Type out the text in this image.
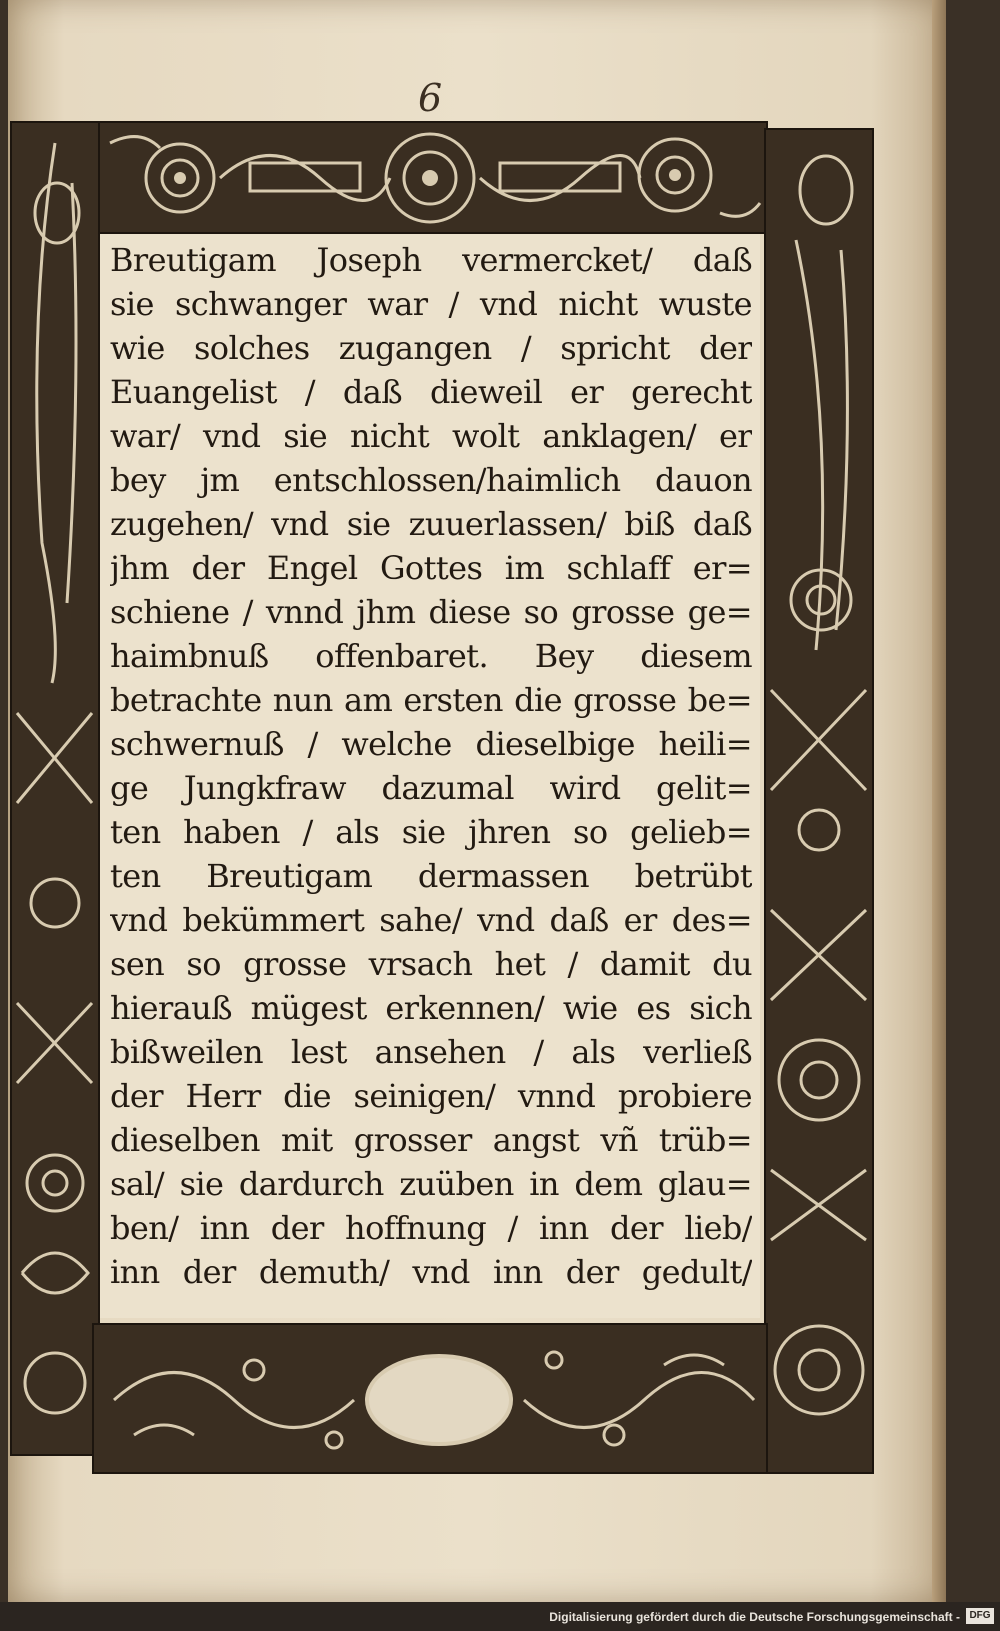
6
Breutigam Joseph vermercket/ daß
sie schwanger war / vnd nicht wuste
wie solches zugangen / spricht der
Euangelist / daß dieweil er gerecht
war/ vnd sie nicht wolt anklagen/ er
bey jm entschlossen/haimlich dauon
zugehen/ vnd sie zuuerlassen/ biß daß
jhm der Engel Gottes im schlaff er=
schiene / vnnd jhm diese so grosse ge=
haimbnuß offenbaret. Bey diesem
betrachte nun am ersten die grosse be=
schwernuß / welche dieselbige heili=
ge Jungkfraw dazumal wird gelit=
ten haben / als sie jhren so gelieb=
ten Breutigam dermassen betrübt
vnd bekümmert sahe/ vnd daß er des=
sen so grosse vrsach het / damit du
hierauß mügest erkennen/ wie es sich
bißweilen lest ansehen / als verließ
der Herr die seinigen/ vnnd probiere
dieselben mit grosser angst vñ trüb=
sal/ sie dardurch zuüben in dem glau=
ben/ inn der hoffnung / inn der lieb/
inn der demuth/ vnd inn der gedult/
Digitalisierung gefördert durch die Deutsche Forschungsgemeinschaft - DFG
